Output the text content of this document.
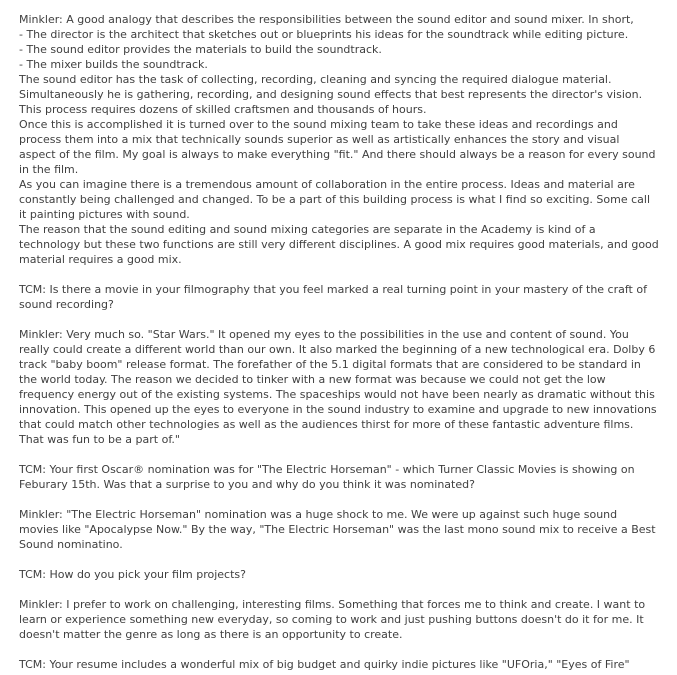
Minkler: A good analogy that describes the responsibilities between the sound editor and sound mixer. In short,

- The director is the architect that sketches out or blueprints his ideas for the soundtrack while editing picture.

- The sound editor provides the materials to build the soundtrack.

- The mixer builds the soundtrack.

The sound editor has the task of collecting, recording, cleaning and syncing the required dialogue material. Simultaneously he is gathering, recording, and designing sound effects that best represents the director's vision. This process requires dozens of skilled craftsmen and thousands of hours.

Once this is accomplished it is turned over to the sound mixing team to take these ideas and recordings and process them into a mix that technically sounds superior as well as artistically enhances the story and visual aspect of the film. My goal is always to make everything "fit." And there should always be a reason for every sound in the film.

As you can imagine there is a tremendous amount of collaboration in the entire process. Ideas and material are constantly being challenged and changed. To be a part of this building process is what I find so exciting. Some call it painting pictures with sound.

The reason that the sound editing and sound mixing categories are separate in the Academy is kind of a technology but these two functions are still very different disciplines. A good mix requires good materials, and good material requires a good mix.

TCM: Is there a movie in your filmography that you feel marked a real turning point in your mastery of the craft of sound recording?

Minkler: Very much so. "Star Wars." It opened my eyes to the possibilities in the use and content of sound. You really could create a different world than our own. It also marked the beginning of a new technological era. Dolby 6 track "baby boom" release format. The forefather of the 5.1 digital formats that are considered to be standard in the world today. The reason we decided to tinker with a new format was because we could not get the low frequency energy out of the existing systems. The spaceships would not have been nearly as dramatic without this innovation. This opened up the eyes to everyone in the sound industry to examine and upgrade to new innovations that could match other technologies as well as the audiences thirst for more of these fantastic adventure films. That was fun to be a part of."

TCM: Your first Oscar® nomination was for "The Electric Horseman" - which Turner Classic Movies is showing on Feburary 15th. Was that a surprise to you and why do you think it was nominated?

Minkler: "The Electric Horseman" nomination was a huge shock to me. We were up against such huge sound movies like "Apocalypse Now." By the way, "The Electric Horseman" was the last mono sound mix to receive a Best Sound nominatino.

TCM: How do you pick your film projects?

Minkler: I prefer to work on challenging, interesting films. Something that forces me to think and create. I want to learn or experience something new everyday, so coming to work and just pushing buttons doesn't do it for me. It doesn't matter the genre as long as there is an opportunity to create.

TCM: Your resume includes a wonderful mix of big budget and quirky indie pictures like "UFOria," "Eyes of Fire"
